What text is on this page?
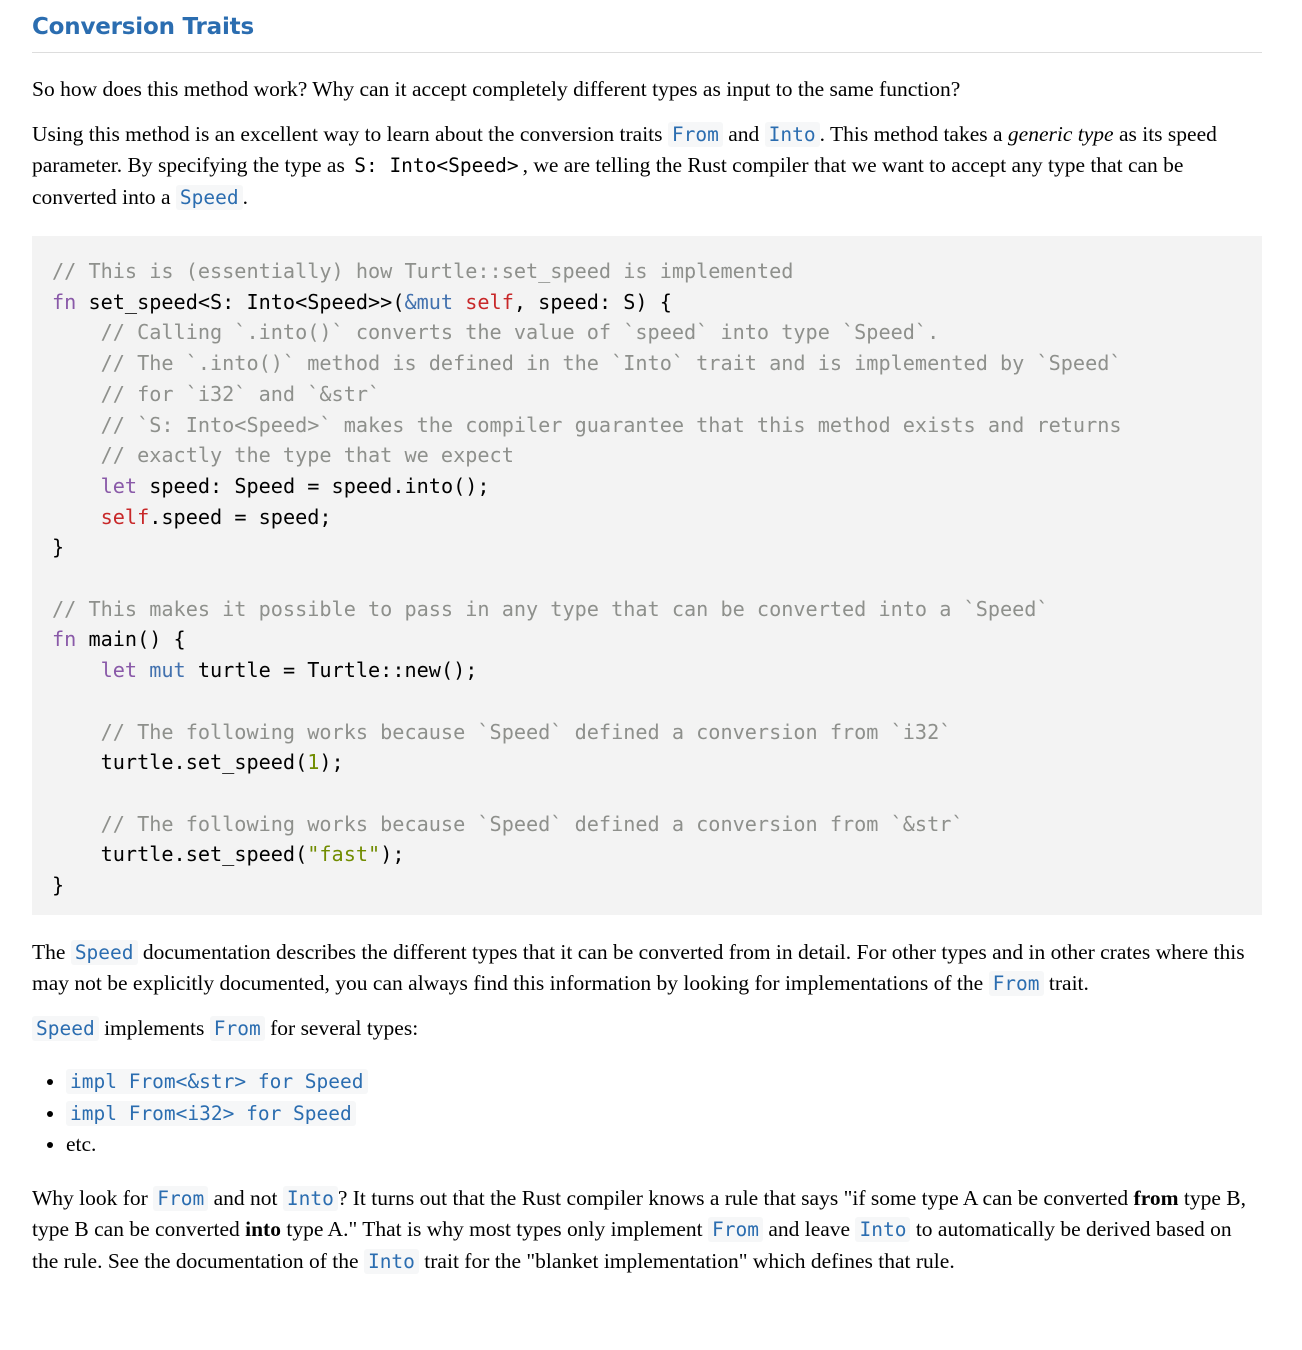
Conversion Traits

So how does this method work? Why can it accept completely different types as input to the same function?

Using this method is an excellent way to learn about the conversion traits From and Into . This method takes a generic type as its speed parameter. By specifying the type as S: Into<Speed> , we are telling the Rust compiler that we want to accept any type that can be converted into a Speed .

// This is (essentially) how Turtle::set_speed is implemented
fn set_speed<S: Into<Speed>>(&mut self, speed: S) {
// Calling `.into()` converts the value of `speed` into type `Speed`.
// The `.into()` method is defined in the `Into` trait and is implemented by `Speed`
// for `i32` and `&str`
// `S: Into<Speed>` makes the compiler guarantee that this method exists and returns
// exactly the type that we expect
let speed: Speed = speed.into();
self.speed = speed;
}

// This makes it possible to pass in any type that can be converted into a `Speed`
fn main() {
let mut turtle = Turtle::new();

// The following works because `Speed` defined a conversion from `i32`
turtle.set_speed(1);

// The following works because `Speed` defined a conversion from `&str`
turtle.set_speed("fast");
}

The Speed documentation describes the different types that it can be converted from in detail. For other types and in other crates where this may not be explicitly documented, you can always find this information by looking for implementations of the From trait.

Speed implements From for several types:

• impl From<&str> for Speed
• impl From<i32> for Speed
• etc.

Why look for From and not Into ? It turns out that the Rust compiler knows a rule that says "if some type A can be converted from type B, type B can be converted into type A." That is why most types only implement From and leave Into to automatically be derived based on the rule. See the documentation of the Into trait for the "blanket implementation" which defines that rule.
